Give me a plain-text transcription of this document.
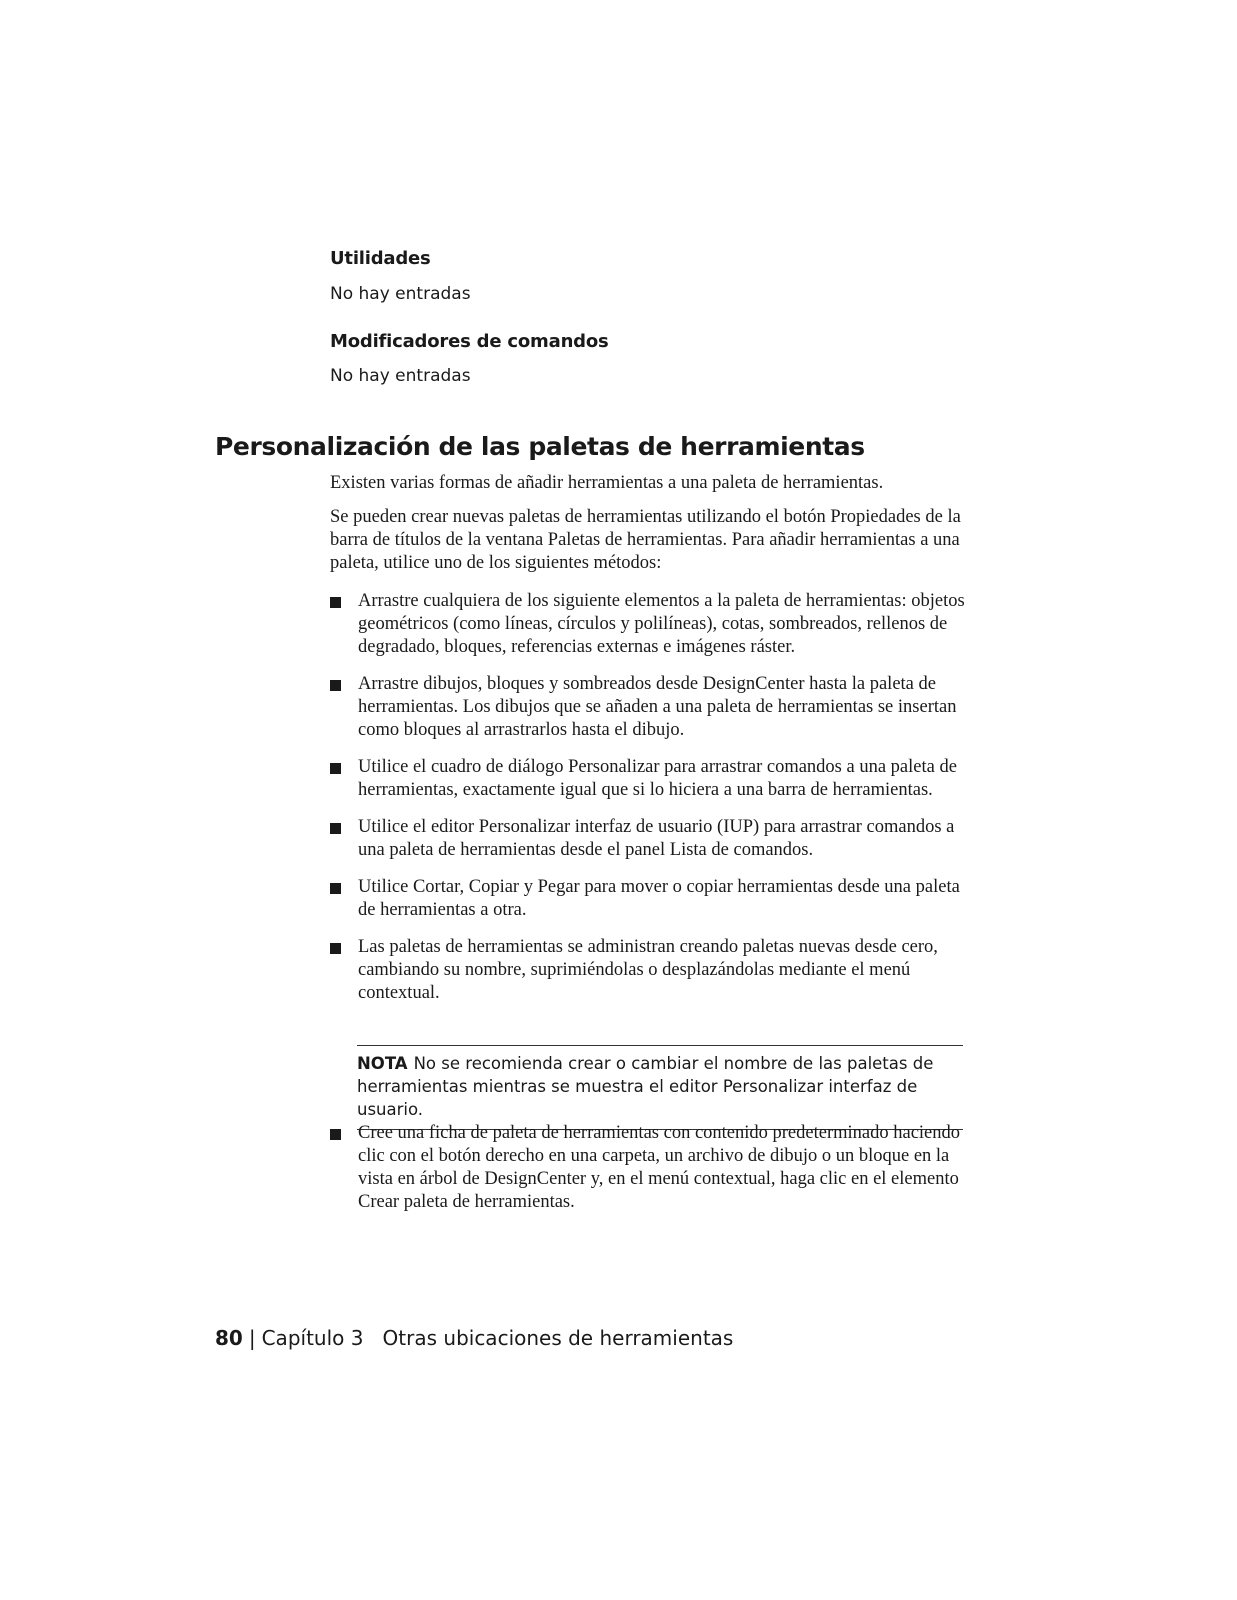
Utilidades
No hay entradas
Modificadores de comandos
No hay entradas
Personalización de las paletas de herramientas
Existen varias formas de añadir herramientas a una paleta de herramientas.
Se pueden crear nuevas paletas de herramientas utilizando el botón Propiedades de la barra de títulos de la ventana Paletas de herramientas. Para añadir herramientas a una paleta, utilice uno de los siguientes métodos:
Arrastre cualquiera de los siguiente elementos a la paleta de herramientas: objetos geométricos (como líneas, círculos y polilíneas), cotas, sombreados, rellenos de degradado, bloques, referencias externas e imágenes ráster.
Arrastre dibujos, bloques y sombreados desde DesignCenter hasta la paleta de herramientas. Los dibujos que se añaden a una paleta de herramientas se insertan como bloques al arrastrarlos hasta el dibujo.
Utilice el cuadro de diálogo Personalizar para arrastrar comandos a una paleta de herramientas, exactamente igual que si lo hiciera a una barra de herramientas.
Utilice el editor Personalizar interfaz de usuario (IUP) para arrastrar comandos a una paleta de herramientas desde el panel Lista de comandos.
Utilice Cortar, Copiar y Pegar para mover o copiar herramientas desde una paleta de herramientas a otra.
Las paletas de herramientas se administran creando paletas nuevas desde cero, cambiando su nombre, suprimiéndolas o desplazándolas mediante el menú contextual.
NOTA No se recomienda crear o cambiar el nombre de las paletas de herramientas mientras se muestra el editor Personalizar interfaz de usuario.
Cree una ficha de paleta de herramientas con contenido predeterminado haciendo clic con el botón derecho en una carpeta, un archivo de dibujo o un bloque en la vista en árbol de DesignCenter y, en el menú contextual, haga clic en el elemento Crear paleta de herramientas.
80 | Capítulo 3 Otras ubicaciones de herramientas
